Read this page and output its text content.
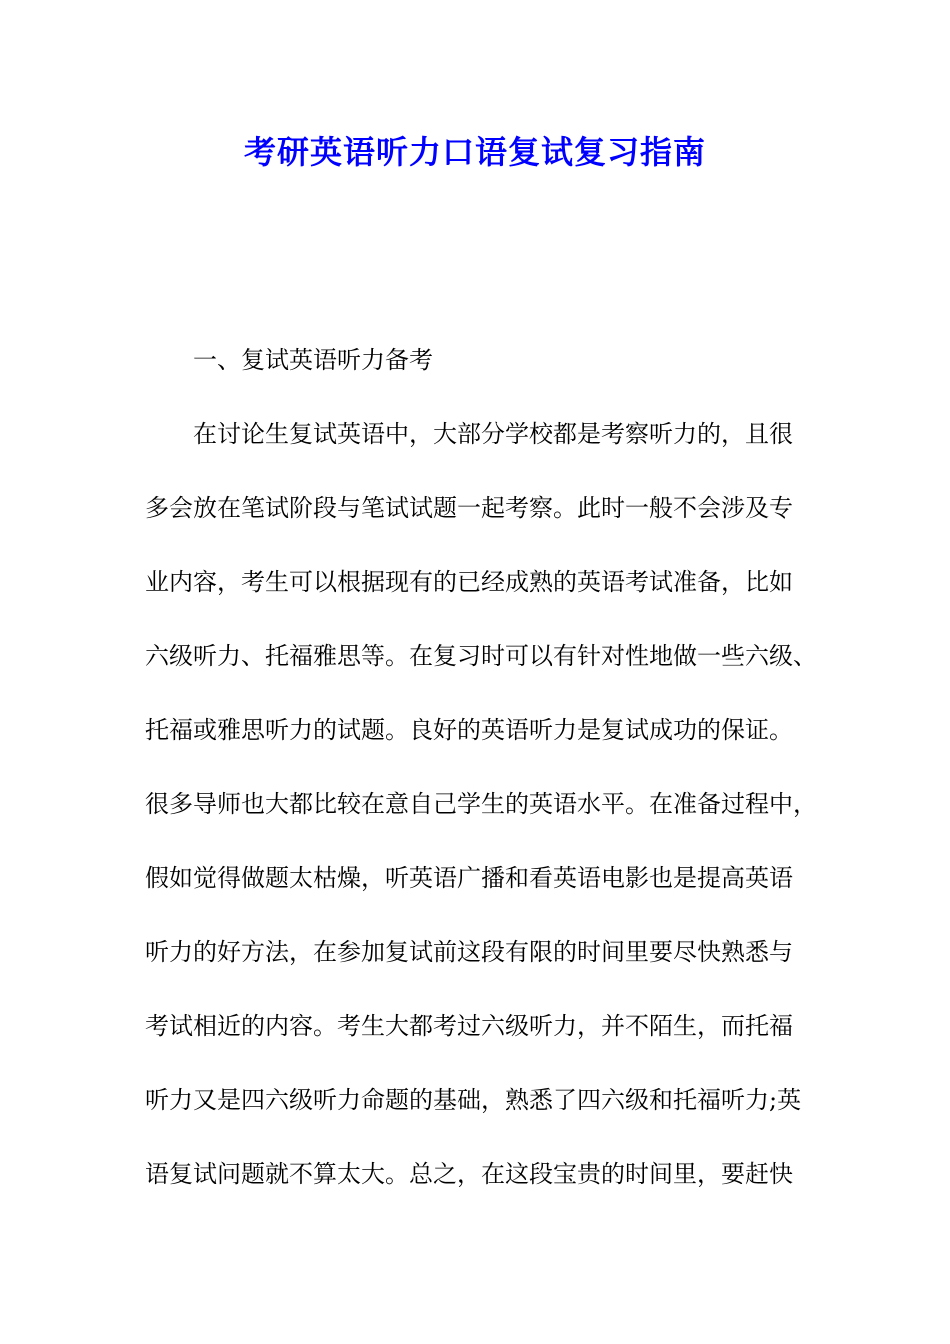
考研英语听力口语复试复习指南
一、复试英语听力备考
在讨论生复试英语中，大部分学校都是考察听力的，且很
多会放在笔试阶段与笔试试题一起考察。此时一般不会涉及专
业内容，考生可以根据现有的已经成熟的英语考试准备，比如
六级听力、托福雅思等。在复习时可以有针对性地做一些六级、
托福或雅思听力的试题。良好的英语听力是复试成功的保证。
很多导师也大都比较在意自己学生的英语水平。在准备过程中，
假如觉得做题太枯燥，听英语广播和看英语电影也是提高英语
听力的好方法，在参加复试前这段有限的时间里要尽快熟悉与
考试相近的内容。考生大都考过六级听力，并不陌生，而托福
听力又是四六级听力命题的基础，熟悉了四六级和托福听力;英
语复试问题就不算太大。总之，在这段宝贵的时间里，要赶快
